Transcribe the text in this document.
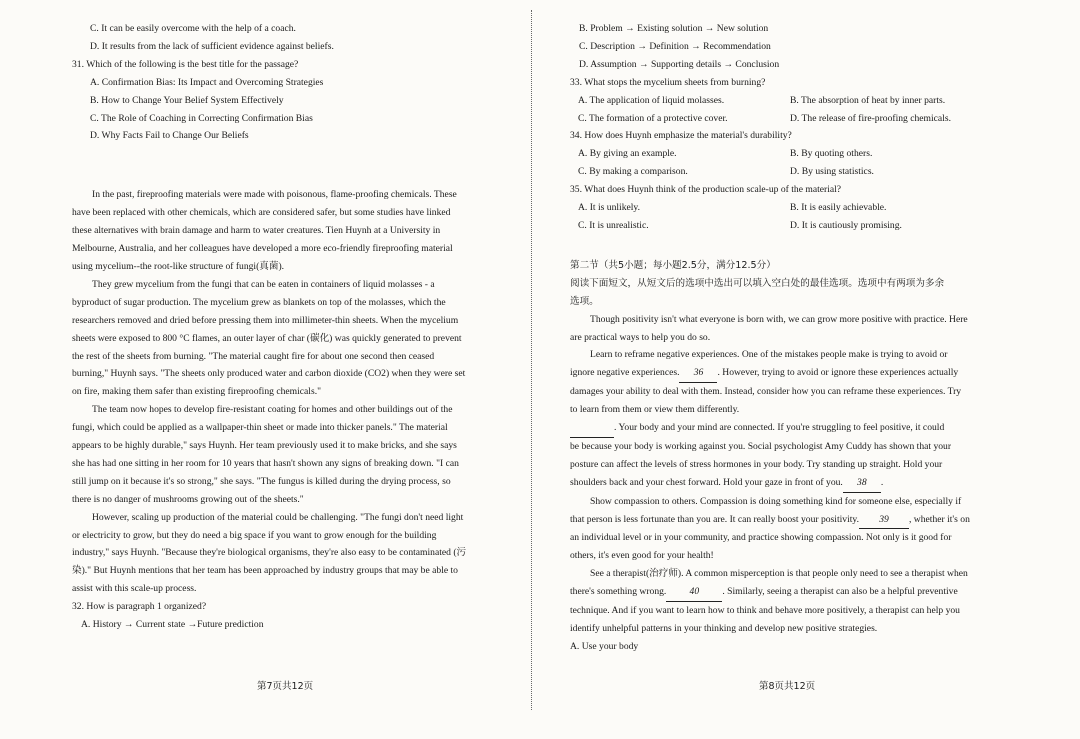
C. It can be easily overcome with the help of a coach.
D. It results from the lack of sufficient evidence against beliefs.
31. Which of the following is the best title for the passage?
A. Confirmation Bias: Its Impact and Overcoming Strategies
B. How to Change Your Belief System Effectively
C. The Role of Coaching in Correcting Confirmation Bias
D. Why Facts Fail to Change Our Beliefs
In the past, fireproofing materials were made with poisonous, flame-proofing chemicals. These
have been replaced with other chemicals, which are considered safer, but some studies have linked
these alternatives with brain damage and harm to water creatures. Tien Huynh at a University in
Melbourne, Australia, and her colleagues have developed a more eco-friendly fireproofing material
using mycelium--the root-like structure of fungi(真菌).
They grew mycelium from the fungi that can be eaten in containers of liquid molasses - a
byproduct of sugar production. The mycelium grew as blankets on top of the molasses, which the
researchers removed and dried before pressing them into millimeter-thin sheets. When the mycelium
sheets were exposed to 800 °C flames, an outer layer of char (碳化) was quickly generated to prevent
the rest of the sheets from burning. "The material caught fire for about one second then ceased
burning," Huynh says. "The sheets only produced water and carbon dioxide (CO2) when they were set
on fire, making them safer than existing fireproofing chemicals."
The team now hopes to develop fire-resistant coating for homes and other buildings out of the
fungi, which could be applied as a wallpaper-thin sheet or made into thicker panels." The material
appears to be highly durable," says Huynh. Her team previously used it to make bricks, and she says
she has had one sitting in her room for 10 years that hasn't shown any signs of breaking down. "I can
still jump on it because it's so strong," she says. "The fungus is killed during the drying process, so
there is no danger of mushrooms growing out of the sheets."
However, scaling up production of the material could be challenging. "The fungi don't need light
or electricity to grow, but they do need a big space if you want to grow enough for the building
industry," says Huynh. "Because they're biological organisms, they're also easy to be contaminated (污
染)." But Huynh mentions that her team has been approached by industry groups that may be able to
assist with this scale-up process.
32. How is paragraph 1 organized?
A. History → Current state →Future prediction
B. Problem → Existing solution → New solution
C. Description → Definition → Recommendation
D. Assumption → Supporting details → Conclusion
33. What stops the mycelium sheets from burning?
A. The application of liquid molasses.	B. The absorption of heat by inner parts.
C. The formation of a protective cover.	D. The release of fire-proofing chemicals.
34. How does Huynh emphasize the material's durability?
A. By giving an example.	B. By quoting others.
C. By making a comparison.	D. By using statistics.
35. What does Huynh think of the production scale-up of the material?
A. It is unlikely.	B. It is easily achievable.
C. It is unrealistic.	D. It is cautiously promising.
第二节（共5小题；每小题2.5分，满分12.5分）
阅读下面短文，从短文后的选项中选出可以填入空白处的最佳选项。选项中有两项为多余
选项。
Though positivity isn't what everyone is born with, we can grow more positive with practice. Here
are practical ways to help you do so.
Learn to reframe negative experiences. One of the mistakes people make is trying to avoid or
ignore negative experiences. 36 . However, trying to avoid or ignore these experiences actually
damages your ability to deal with them. Instead, consider how you can reframe these experiences. Try
to learn from them or view them differently.
. Your body and your mind are connected. If you're struggling to feel positive, it could
be because your body is working against you. Social psychologist Amy Cuddy has shown that your
posture can affect the levels of stress hormones in your body. Try standing up straight. Hold your
shoulders back and your chest forward. Hold your gaze in front of you. 38 .
Show compassion to others. Compassion is doing something kind for someone else, especially if
that person is less fortunate than you are. It can really boost your positivity. 39 , whether it's on
an individual level or in your community, and practice showing compassion. Not only is it good for
others, it's even good for your health!
See a therapist(治疗师). A common misperception is that people only need to see a therapist when
there's something wrong. 40 . Similarly, seeing a therapist can also be a helpful preventive
technique. And if you want to learn how to think and behave more positively, a therapist can help you
identify unhelpful patterns in your thinking and develop new positive strategies.
A. Use your body
第7页共12页	第8页共12页
